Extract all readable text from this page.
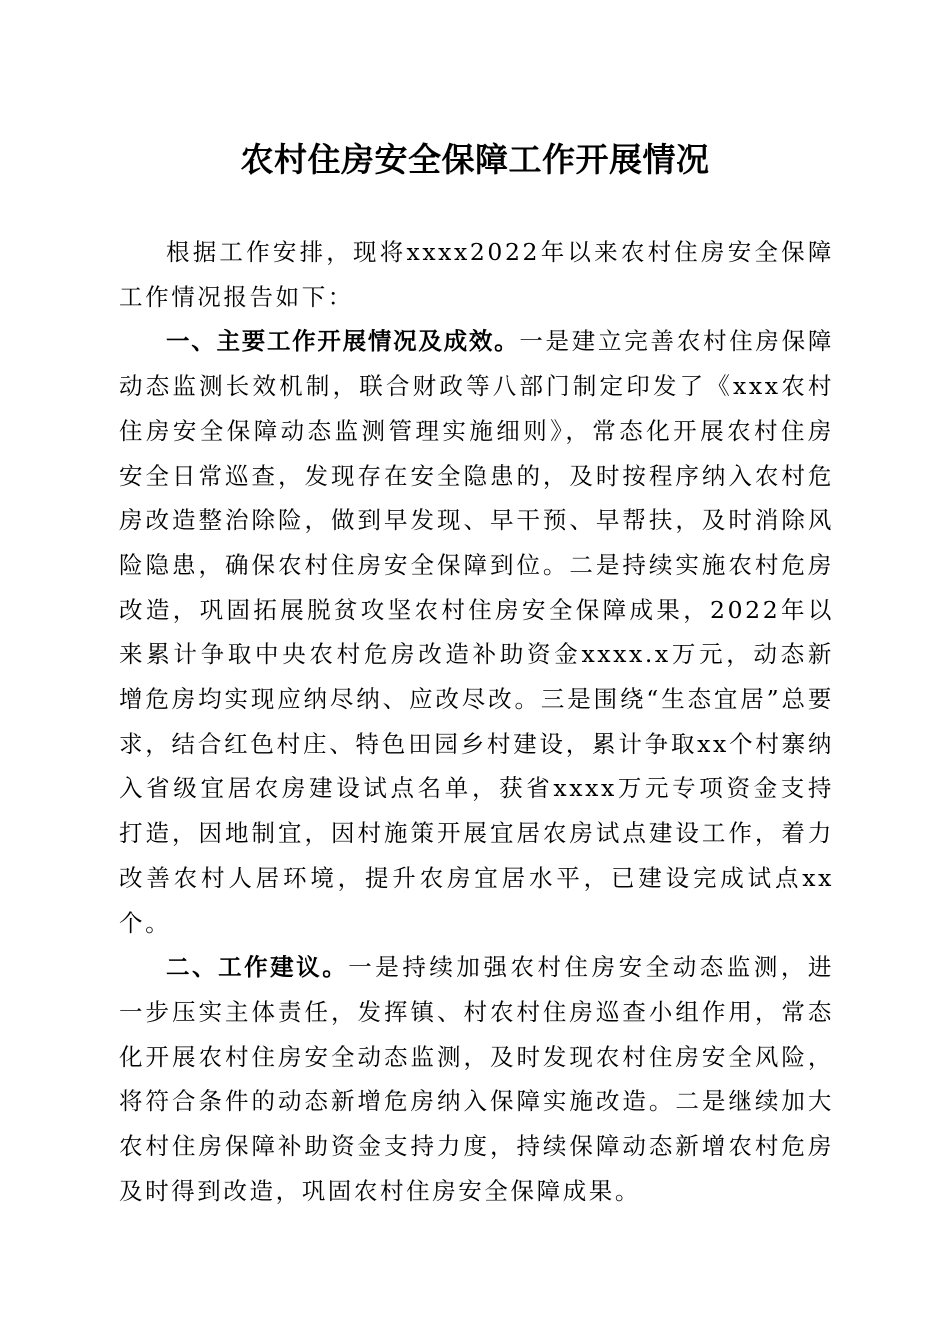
农村住房安全保障工作开展情况

根据工作安排，现将xxxx2022年以来农村住房安全保障工作情况报告如下：

一、主要工作开展情况及成效。一是建立完善农村住房保障动态监测长效机制，联合财政等八部门制定印发了《xxx农村住房安全保障动态监测管理实施细则》，常态化开展农村住房安全日常巡查，发现存在安全隐患的，及时按程序纳入农村危房改造整治除险，做到早发现、早干预、早帮扶，及时消除风险隐患，确保农村住房安全保障到位。二是持续实施农村危房改造，巩固拓展脱贫攻坚农村住房安全保障成果，2022年以来累计争取中央农村危房改造补助资金xxxx.x万元，动态新增危房均实现应纳尽纳、应改尽改。三是围绕“生态宜居”总要求，结合红色村庄、特色田园乡村建设，累计争取xx个村寨纳入省级宜居农房建设试点名单，获省xxxx万元专项资金支持打造，因地制宜，因村施策开展宜居农房试点建设工作，着力改善农村人居环境，提升农房宜居水平，已建设完成试点xx个。

二、工作建议。一是持续加强农村住房安全动态监测，进一步压实主体责任，发挥镇、村农村住房巡查小组作用，常态化开展农村住房安全动态监测，及时发现农村住房安全风险，将符合条件的动态新增危房纳入保障实施改造。二是继续加大农村住房保障补助资金支持力度，持续保障动态新增农村危房及时得到改造，巩固农村住房安全保障成果。
